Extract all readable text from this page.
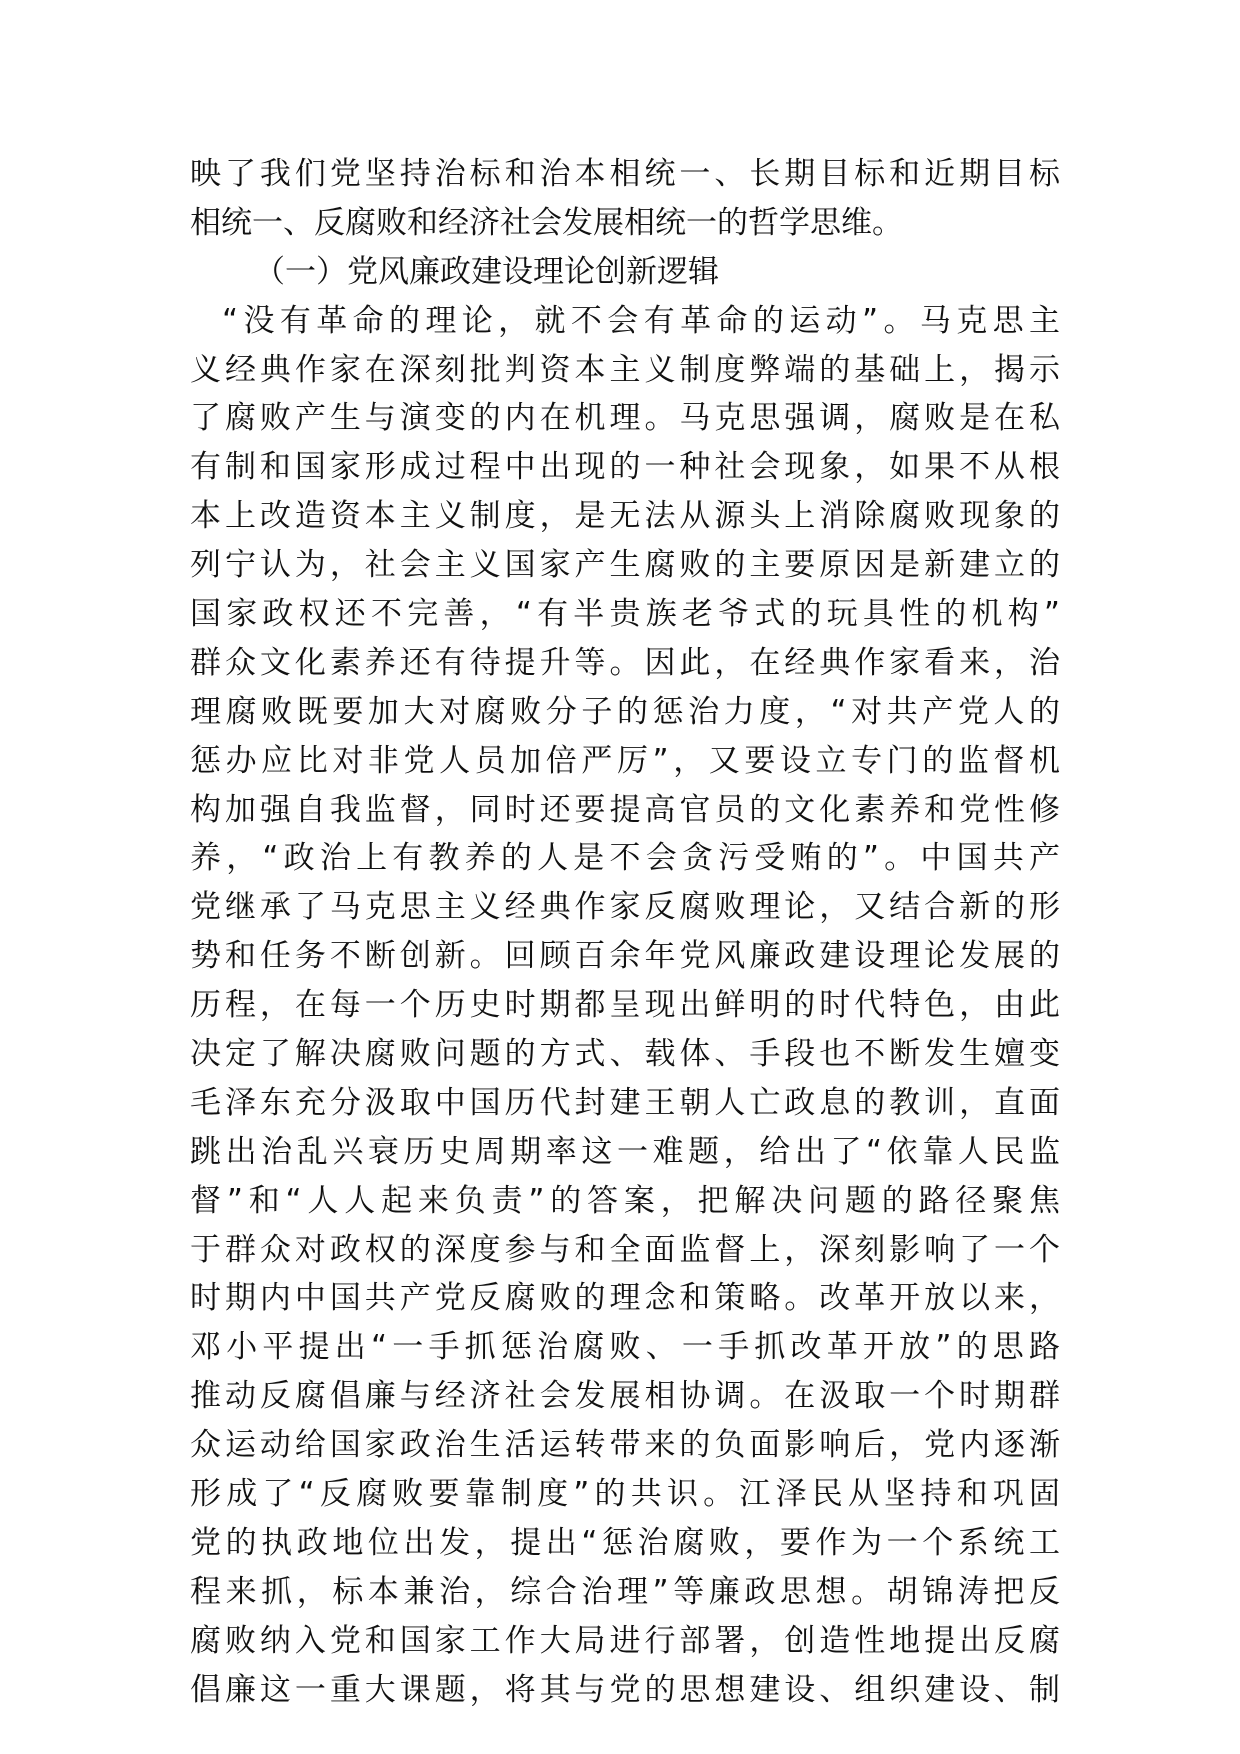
映了我们党坚持治标和治本相统一、长期目标和近期目标
相统一、反腐败和经济社会发展相统一的哲学思维。
（一）党风廉政建设理论创新逻辑
“没有革命的理论，就不会有革命的运动”。马克思主
义经典作家在深刻批判资本主义制度弊端的基础上，揭示
了腐败产生与演变的内在机理。马克思强调，腐败是在私
有制和国家形成过程中出现的一种社会现象，如果不从根
本上改造资本主义制度，是无法从源头上消除腐败现象的
列宁认为，社会主义国家产生腐败的主要原因是新建立的
国家政权还不完善，“有半贵族老爷式的玩具性的机构”
群众文化素养还有待提升等。因此，在经典作家看来，治
理腐败既要加大对腐败分子的惩治力度，“对共产党人的
惩办应比对非党人员加倍严厉”，又要设立专门的监督机
构加强自我监督，同时还要提高官员的文化素养和党性修
养，“政治上有教养的人是不会贪污受贿的”。中国共产
党继承了马克思主义经典作家反腐败理论，又结合新的形
势和任务不断创新。回顾百余年党风廉政建设理论发展的
历程，在每一个历史时期都呈现出鲜明的时代特色，由此
决定了解决腐败问题的方式、载体、手段也不断发生嬗变
毛泽东充分汲取中国历代封建王朝人亡政息的教训，直面
跳出治乱兴衰历史周期率这一难题，给出了“依靠人民监
督”和“人人起来负责”的答案，把解决问题的路径聚焦
于群众对政权的深度参与和全面监督上，深刻影响了一个
时期内中国共产党反腐败的理念和策略。改革开放以来，
邓小平提出“一手抓惩治腐败、一手抓改革开放”的思路
推动反腐倡廉与经济社会发展相协调。在汲取一个时期群
众运动给国家政治生活运转带来的负面影响后，党内逐渐
形成了“反腐败要靠制度”的共识。江泽民从坚持和巩固
党的执政地位出发，提出“惩治腐败，要作为一个系统工
程来抓，标本兼治，综合治理”等廉政思想。胡锦涛把反
腐败纳入党和国家工作大局进行部署，创造性地提出反腐
倡廉这一重大课题，将其与党的思想建设、组织建设、制
